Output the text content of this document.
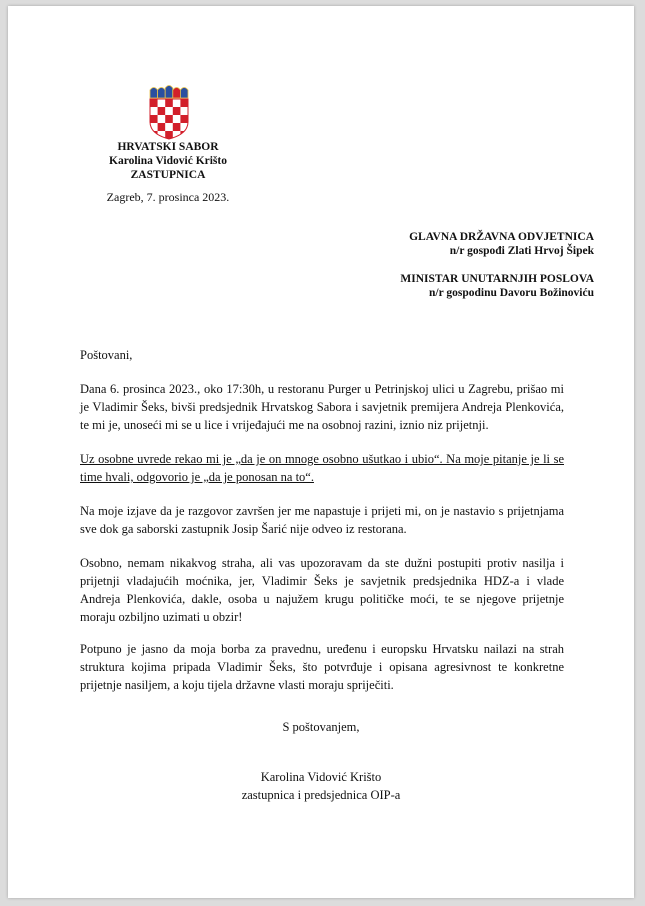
HRVATSKI SABOR
Karolina Vidović Krišto
ZASTUPNICA
Zagreb, 7. prosinca 2023.
GLAVNA DRŽAVNA ODVJETNICA
n/r gospođi Zlati Hrvoj Šipek
MINISTAR UNUTARNJIH POSLOVA
n/r gospodinu Davoru Božinoviću
Poštovani,
Dana 6. prosinca 2023., oko 17:30h, u restoranu Purger u Petrinjskoj ulici u Zagrebu, prišao mi
je Vladimir Šeks, bivši predsjednik Hrvatskog Sabora i savjetnik premijera Andreja Plenkovića,
te mi je, unoseći mi se u lice i vrijeđajući me na osobnoj razini, iznio niz prijetnji.
Uz osobne uvrede rekao mi je „da je on mnoge osobno ušutkao i ubio“. Na moje pitanje je li se
time hvali, odgovorio je „da je ponosan na to“.
Na moje izjave da je razgovor završen jer me napastuje i prijeti mi, on je nastavio s prijetnjama
sve dok ga saborski zastupnik Josip Šarić nije odveo iz restorana.
Osobno, nemam nikakvog straha, ali vas upozoravam da ste dužni postupiti protiv nasilja i
prijetnji vladajućih moćnika, jer, Vladimir Šeks je savjetnik predsjednika HDZ-a i vlade
Andreja Plenkovića, dakle, osoba u najužem krugu političke moći, te se njegove prijetnje
moraju ozbiljno uzimati u obzir!
Potpuno je jasno da moja borba za pravednu, uređenu i europsku Hrvatsku nailazi na strah
struktura kojima pripada Vladimir Šeks, što potvrđuje i opisana agresivnost te konkretne
prijetnje nasiljem, a koju tijela državne vlasti moraju spriječiti.
S poštovanjem,
Karolina Vidović Krišto
zastupnica i predsjednica OIP-a
